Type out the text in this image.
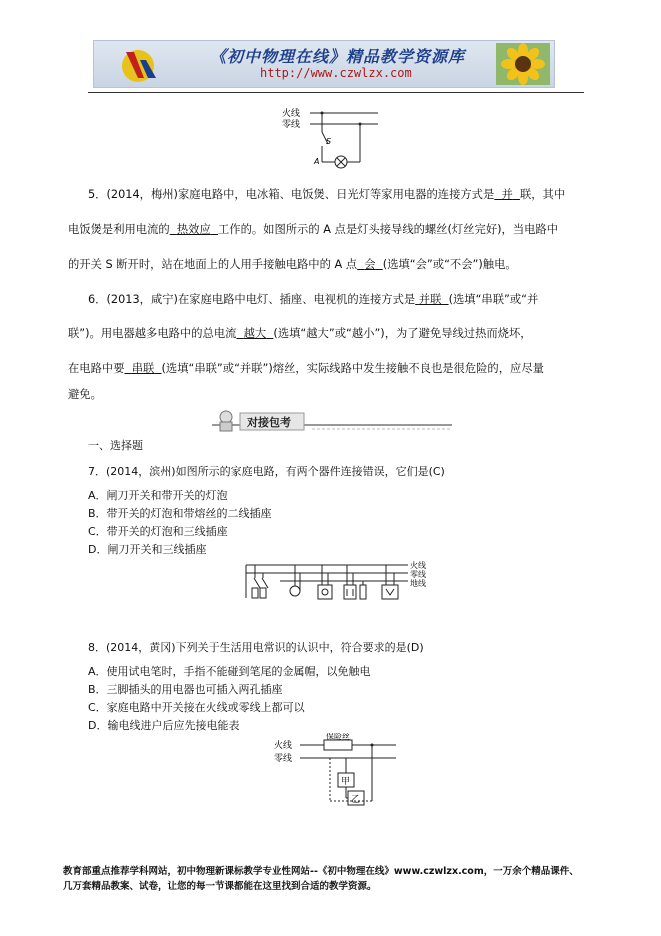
《初中物理在线》精品教学资源库
http://www.czwlzx.com
火线
零线
S
A
5．(2014，梅州)家庭电路中，电冰箱、电饭煲、日光灯等家用电器的连接方式是 并 联，其中
电饭煲是利用电流的 热效应 工作的。如图所示的 A 点是灯头接导线的螺丝(灯丝完好)，当电路中
的开关 S 断开时，站在地面上的人用手接触电路中的 A 点 会 (选填“会”或“不会”)触电。
6．(2013，咸宁)在家庭电路中电灯、插座、电视机的连接方式是 并联 (选填“串联”或“并
联”)。用电器越多电路中的总电流 越大 (选填“越大”或“越小”)，为了避免导线过热而烧坏，
在电路中要 串联 (选填“串联”或“并联”)熔丝，实际线路中发生接触不良也是很危险的，应尽量
避免。
对接包考
一、选择题
7．(2014，滨州)如图所示的家庭电路，有两个器件连接错误，它们是(C)
A．闸刀开关和带开关的灯泡
B．带开关的灯泡和带熔丝的二线插座
C．带开关的灯泡和三线插座
D．闸刀开关和三线插座
火线
零线
地线
8．(2014，黄冈)下列关于生活用电常识的认识中，符合要求的是(D)
A．使用试电笔时，手指不能碰到笔尾的金属帽，以免触电
B．三脚插头的用电器也可插入两孔插座
C．家庭电路中开关接在火线或零线上都可以
D．输电线进户后应先接电能表
火线
零线
保险丝
甲
乙
教育部重点推荐学科网站，初中物理新课标教学专业性网站--《初中物理在线》www.czwlzx.com，一万余个精品课件、
几万套精品教案、试卷，让您的每一节课都能在这里找到合适的教学资源。
